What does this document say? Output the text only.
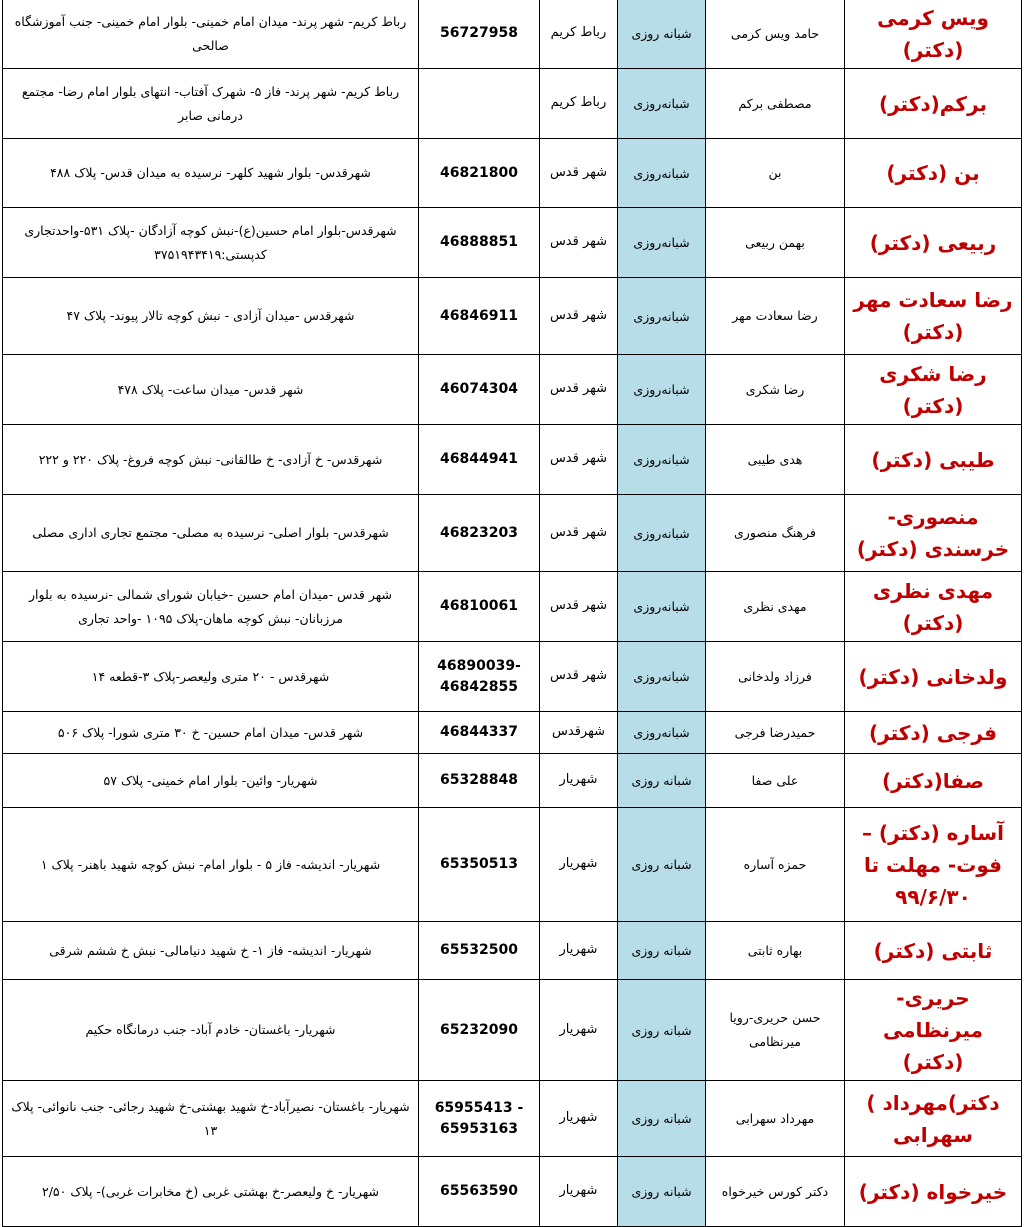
ویس کرمی (دکتر)	حامد ویس کرمی	شبانه روزی	رباط کریم	56727958	رباط کریم- شهر پرند- میدان امام خمینی- بلوار امام خمینی- جنب آموزشگاه صالحی
برکم(دکتر)	مصطفی برکم	شبانه‌روزی	رباط کریم		رباط کریم- شهر پرند- فاز ۵- شهرک آفتاب- انتهای بلوار امام رضا- مجتمع درمانی صابر
بن (دکتر)	بن	شبانه‌روزی	شهر قدس	46821800	شهرقدس- بلوار شهید کلهر- نرسیده به میدان قدس- پلاک ۴۸۸
ربیعی (دکتر)	بهمن ربیعی	شبانه‌روزی	شهر قدس	46888851	شهرقدس-بلوار امام حسین(ع)-نبش کوچه آزادگان -پلاک ۵۳۱-واحدتجاری کدپستی:۳۷۵۱۹۴۳۴۱۹
رضا سعادت مهر (دکتر)	رضا سعادت مهر	شبانه‌روزی	شهر قدس	46846911	شهرقدس -میدان آزادی - نبش کوچه تالار پیوند- پلاک ۴۷
رضا شکری (دکتر)	رضا شکری	شبانه‌روزی	شهر قدس	46074304	شهر قدس- میدان ساعت- پلاک ۴۷۸
طیبی (دکتر)	هدی طیبی	شبانه‌روزی	شهر قدس	46844941	شهرقدس- خ آزادی- خ طالقانی- نبش کوچه فروغ- پلاک ۲۲۰ و ۲۲۲
منصوری- خرسندی (دکتر)	فرهنگ منصوری	شبانه‌روزی	شهر قدس	46823203	شهرقدس- بلوار اصلی- نرسیده به مصلی- مجتمع تجاری اداری مصلی
مهدی نظری (دکتر)	مهدی نظری	شبانه‌روزی	شهر قدس	46810061	شهر قدس -میدان امام حسین -خیابان شورای شمالی -نرسیده به بلوار مرزبانان- نبش کوچه ماهان-پلاک ۱۰۹۵ -واحد تجاری
ولدخانی (دکتر)	فرزاد ولدخانی	شبانه‌روزی	شهر قدس	46890039- 46842855	شهرقدس - ۲۰ متری ولیعصر-پلاک ۳-قطعه ۱۴
فرجی (دکتر)	حمیدرضا فرجی	شبانه‌روزی	شهرقدس	46844337	شهر قدس- میدان امام حسین- خ ۳۰ متری شورا- پلاک ۵۰۶
صفا(دکتر)	علی صفا	شبانه روزی	شهریار	65328848	شهریار- وائین- بلوار امام خمینی- پلاک ۵۷
آساره (دکتر) – فوت- مهلت تا ۹۹/۶/۳۰	حمزه آساره	شبانه روزی	شهریار	65350513	شهریار- اندیشه- فاز ۵ - بلوار امام- نبش کوچه شهید باهنر- پلاک ۱
ثابتی (دکتر)	بهاره ثابتی	شبانه روزی	شهریار	65532500	شهریار- اندیشه- فاز ۱- خ شهید دنیامالی- نبش خ ششم شرقی
حریری-میرنظامی (دکتر)	حسن حریری-رویا میرنظامی	شبانه روزی	شهریار	65232090	شهریار- باغستان- خادم آباد- جنب درمانگاه حکیم
دکتر)مهرداد ) سهرابی	مهرداد سهرابی	شبانه روزی	شهریار	65955413 - 65953163	شهریار- باغستان- نصیرآباد-خ شهید بهشتی-خ شهید رجائی- جنب نانوائی- پلاک ۱۳
خیرخواه (دکتر)	دکتر کورس خیرخواه	شبانه روزی	شهریار	65563590	شهریار- خ ولیعصر-خ بهشتی غربی (خ مخابرات غربی)- پلاک ۲/۵۰
